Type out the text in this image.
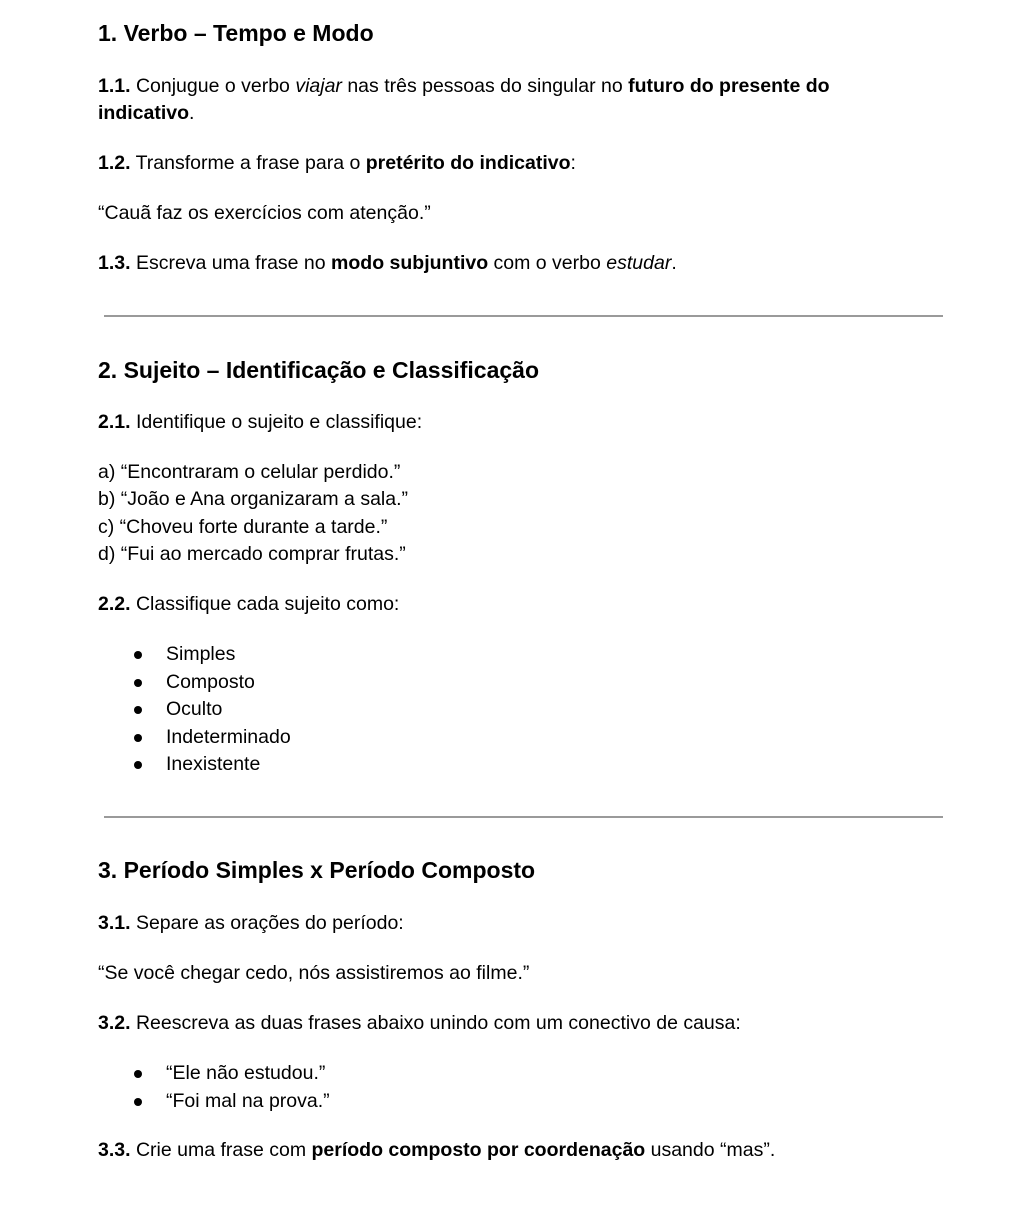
1. Verbo – Tempo e Modo

1.1. Conjugue o verbo viajar nas três pessoas do singular no futuro do presente do
indicativo.

1.2. Transforme a frase para o pretérito do indicativo:

“Cauã faz os exercícios com atenção.”

1.3. Escreva uma frase no modo subjuntivo com o verbo estudar.

2. Sujeito – Identificação e Classificação

2.1. Identifique o sujeito e classifique:

a) “Encontraram o celular perdido.”

b) “João e Ana organizaram a sala.”

c) “Choveu forte durante a tarde.”

d) “Fui ao mercado comprar frutas.”

2.2. Classifique cada sujeito como:

Simples
Composto
Oculto
Indeterminado
Inexistente
3. Período Simples x Período Composto

3.1. Separe as orações do período:

“Se você chegar cedo, nós assistiremos ao filme.”

3.2. Reescreva as duas frases abaixo unindo com um conectivo de causa:

“Ele não estudou.”
“Foi mal na prova.”

3.3. Crie uma frase com período composto por coordenação usando “mas”.
